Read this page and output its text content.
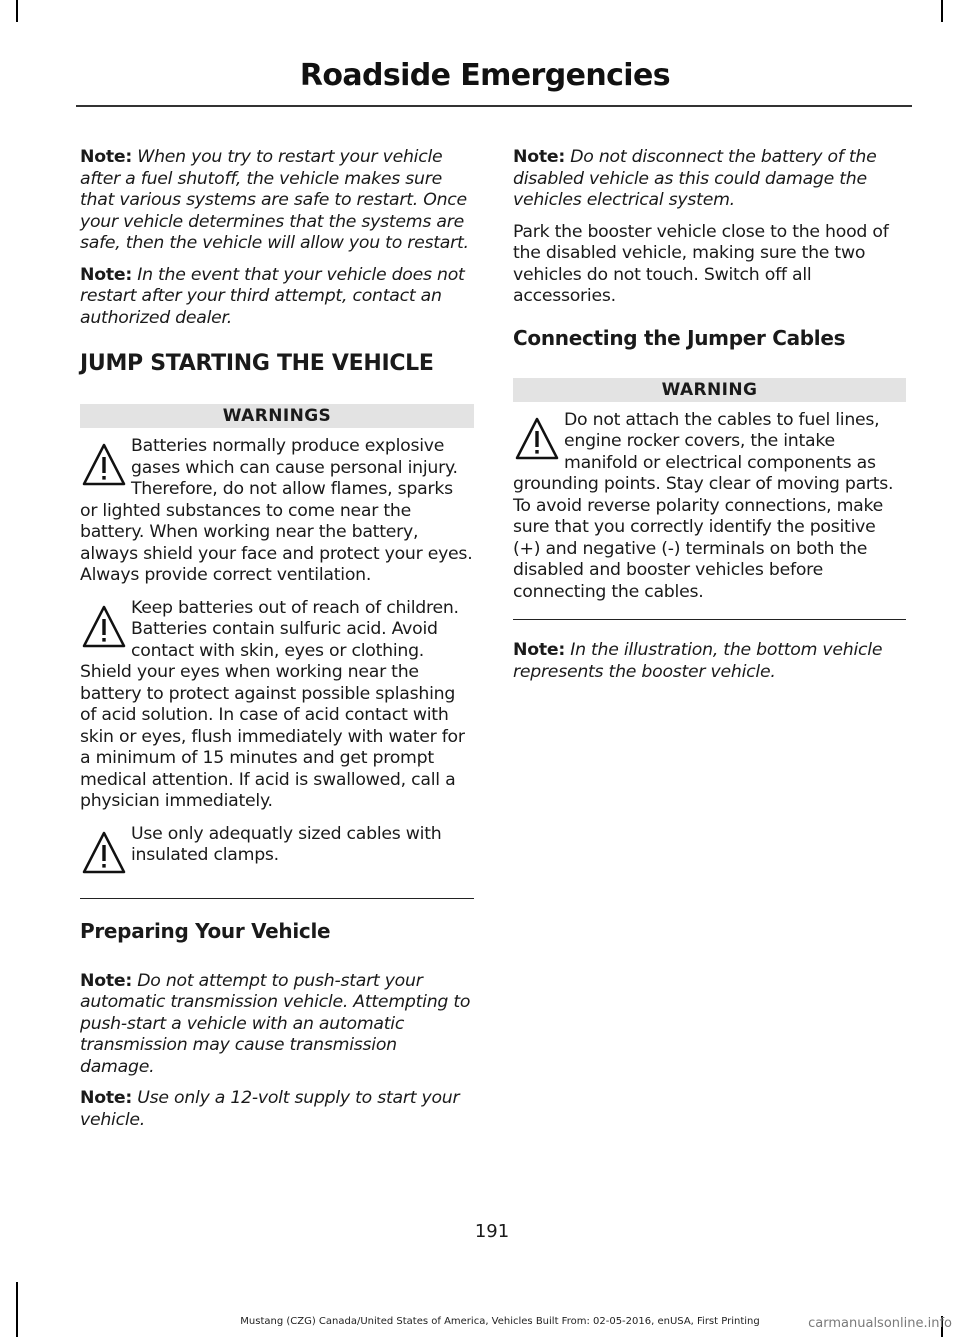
Roadside Emergencies

Note: When you try to restart your vehicle after a fuel shutoff, the vehicle makes sure that various systems are safe to restart. Once your vehicle determines that the systems are safe, then the vehicle will allow you to restart.

Note: In the event that your vehicle does not restart after your third attempt, contact an authorized dealer.

JUMP STARTING THE VEHICLE
WARNINGS
Batteries normally produce explosive gases which can cause personal injury. Therefore, do not allow flames, sparks or lighted substances to come near the battery. When working near the battery, always shield your face and protect your eyes. Always provide correct ventilation.
Keep batteries out of reach of children. Batteries contain sulfuric acid. Avoid contact with skin, eyes or clothing. Shield your eyes when working near the battery to protect against possible splashing of acid solution. In case of acid contact with skin or eyes, flush immediately with water for a minimum of 15 minutes and get prompt medical attention. If acid is swallowed, call a physician immediately.
Use only adequatly sized cables with insulated clamps.
Preparing Your Vehicle

Note: Do not attempt to push-start your automatic transmission vehicle. Attempting to push-start a vehicle with an automatic transmission may cause transmission damage.

Note: Use only a 12-volt supply to start your vehicle.

Note: Do not disconnect the battery of the disabled vehicle as this could damage the vehicles electrical system.

Park the booster vehicle close to the hood of the disabled vehicle, making sure the two vehicles do not touch. Switch off all accessories.

Connecting the Jumper Cables
WARNING
Do not attach the cables to fuel lines, engine rocker covers, the intake manifold or electrical components as grounding points. Stay clear of moving parts. To avoid reverse polarity connections, make sure that you correctly identify the positive (+) and negative (-) terminals on both the disabled and booster vehicles before connecting the cables.

Note: In the illustration, the bottom vehicle represents the booster vehicle.

191
Mustang (CZG) Canada/United States of America, Vehicles Built From: 02-05-2016, enUSA, First Printing	carmanualsonline.info
